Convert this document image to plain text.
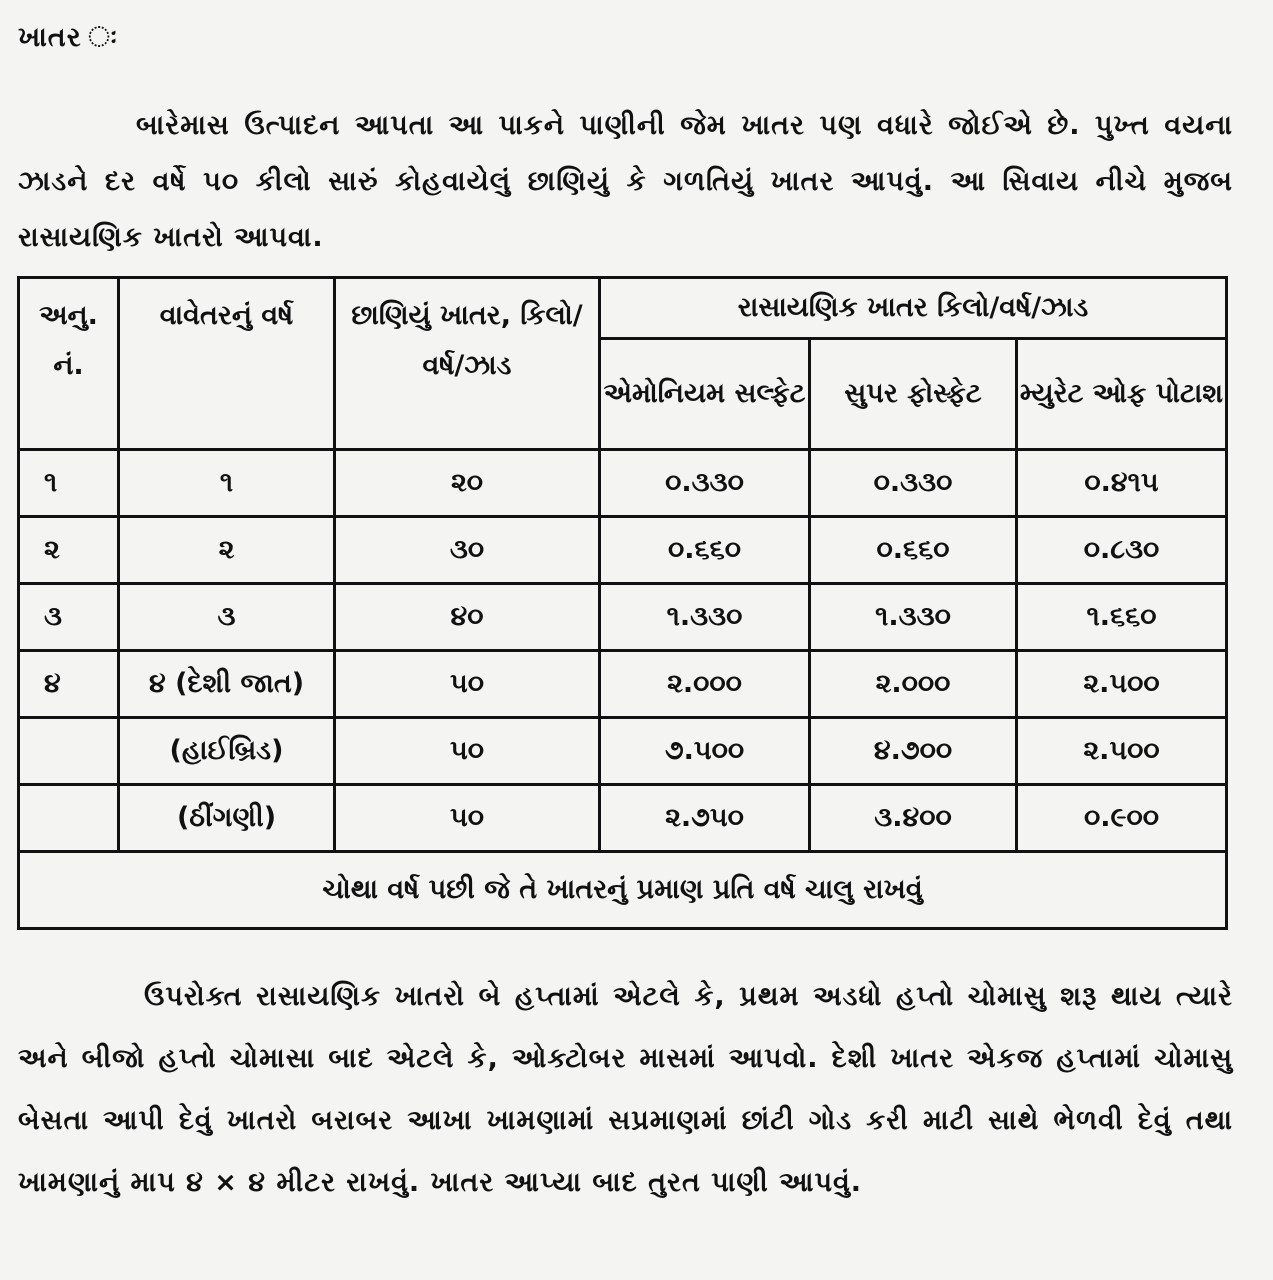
ખાતર ઃ

બારેમાસ ઉત્પાદન આપતા આ પાકને પાણીની જેમ ખાતર પણ વધારે જોઈએ છે. પુખ્ત વયના ઝાડને દર વર્ષે ૫૦ કીલો સારું કોહવાયેલું છાણિયું કે ગળતિયું ખાતર આપવું. આ સિવાય નીચે મુજબ રાસાયણિક ખાતરો આપવા.

અનુ. નં.	વાવેતરનું વર્ષ	છાણિયું ખાતર, કિલો/વર્ષ/ઝાડ	રાસાયણિક ખાતર કિલો/વર્ષ/ઝાડ		
			એમોનિયમ સલ્ફેટ	સુપર ફોસ્ફેટ	મ્યુરેટ ઓફ પોટાશ
૧	૧	૨૦	૦.૩૩૦	૦.૩૩૦	૦.૪૧૫
૨	૨	૩૦	૦.૬૬૦	૦.૬૬૦	૦.૮૩૦
૩	૩	૪૦	૧.૩૩૦	૧.૩૩૦	૧.૬૬૦
૪	૪ (દેશી જાત)	૫૦	૨.૦૦૦	૨.૦૦૦	૨.૫૦૦
	(હાઈબ્રિડ)	૫૦	૭.૫૦૦	૪.૭૦૦	૨.૫૦૦
	(ઠીંગણી)	૫૦	૨.૭૫૦	૩.૪૦૦	૦.૯૦૦
ચોથા વર્ષ પછી જે તે ખાતરનું પ્રમાણ પ્રતિ વર્ષ ચાલુ રાખવું					

ઉપરોક્ત રાસાયણિક ખાતરો બે હપ્તામાં એટલે કે, પ્રથમ અડધો હપ્તો ચોમાસુ શરૂ થાય ત્યારે અને બીજો હપ્તો ચોમાસા બાદ એટલે કે, ઓક્ટોબર માસમાં આપવો. દેશી ખાતર એકજ હપ્તામાં ચોમાસુ બેસતા આપી દેવું ખાતરો બરાબર આખા ખામણામાં સપ્રમાણમાં છાંટી ગોડ કરી માટી સાથે ભેળવી દેવું તથા ખામણાનું માપ ૪ × ૪ મીટર રાખવું. ખાતર આપ્યા બાદ તુરત પાણી આપવું.
